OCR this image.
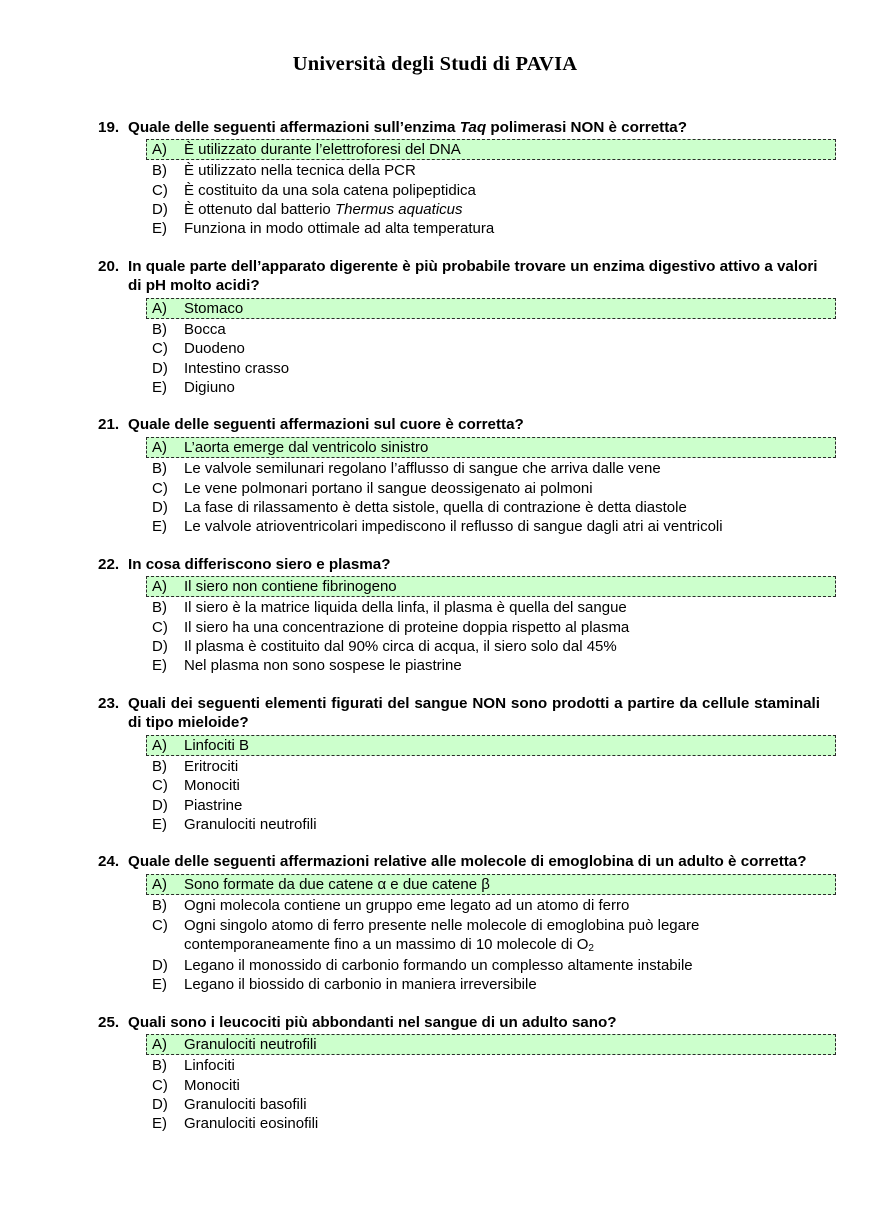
Università degli Studi di PAVIA
19. Quale delle seguenti affermazioni sull’enzima Taq polimerasi NON è corretta?
A)	È utilizzato durante l’elettroforesi del DNA
B)	È utilizzato nella tecnica della PCR
C)	È costituito da una sola catena polipeptidica
D)	È ottenuto dal batterio Thermus aquaticus
E)	Funziona in modo ottimale ad alta temperatura
20. In quale parte dell’apparato digerente è più probabile trovare un enzima digestivo attivo a valori di pH molto acidi?
A)	Stomaco
B)	Bocca
C)	Duodeno
D)	Intestino crasso
E)	Digiuno
21. Quale delle seguenti affermazioni sul cuore è corretta?
A)	L’aorta emerge dal ventricolo sinistro
B)	Le valvole semilunari regolano l’afflusso di sangue che arriva dalle vene
C)	Le vene polmonari portano il sangue deossigenato ai polmoni
D)	La fase di rilassamento è detta sistole, quella di contrazione è detta diastole
E)	Le valvole atrioventricolari impediscono il reflusso di sangue dagli atri ai ventricoli
22. In cosa differiscono siero e plasma?
A)	Il siero non contiene fibrinogeno
B)	Il siero è la matrice liquida della linfa, il plasma è quella del sangue
C)	Il siero ha una concentrazione di proteine doppia rispetto al plasma
D)	Il plasma è costituito dal 90% circa di acqua, il siero solo dal 45%
E)	Nel plasma non sono sospese le piastrine
23. Quali dei seguenti elementi figurati del sangue NON sono prodotti a partire da cellule staminali di tipo mieloide?
A)	Linfociti B
B)	Eritrociti
C)	Monociti
D)	Piastrine
E)	Granulociti neutrofili
24. Quale delle seguenti affermazioni relative alle molecole di emoglobina di un adulto è corretta?
A)	Sono formate da due catene α e due catene β
B)	Ogni molecola contiene un gruppo eme legato ad un atomo di ferro
C)	Ogni singolo atomo di ferro presente nelle molecole di emoglobina può legare contemporaneamente fino a un massimo di 10 molecole di $O_2$
D)	Legano il monossido di carbonio formando un complesso altamente instabile
E)	Legano il biossido di carbonio in maniera irreversibile
25. Quali sono i leucociti più abbondanti nel sangue di un adulto sano?
A)	Granulociti neutrofili
B)	Linfociti
C)	Monociti
D)	Granulociti basofili
E)	Granulociti eosinofili
